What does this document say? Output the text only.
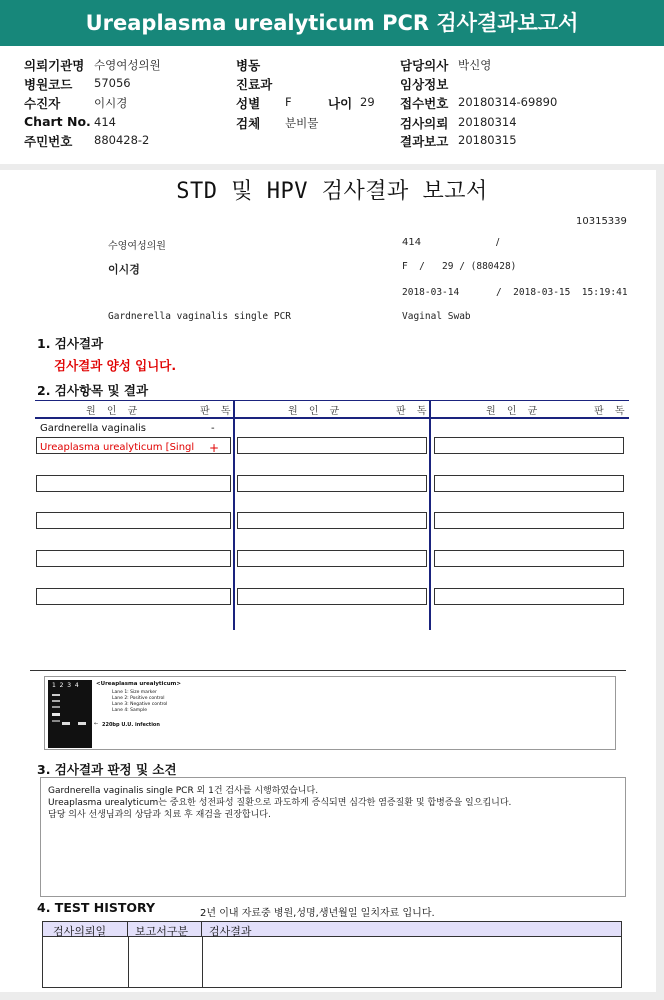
Ureaplasma urealyticum PCR 검사결과보고서
의뢰기관명 수영여성의원
병원코드 57056
수진자	이시경
Chart No. 414
주민번호 880428-2
병동
진료과
성별 F	나이 29
검체 분비물
담당의사 박신영
임상정보
접수번호 20180314-69890
검사의뢰 20180314
결과보고 20180315
STD 및 HPV 검사결과 보고서
10315339
수영여성의원	414	/
이시경	F  /   29 / (880428)
2018-03-14	/  2018-03-15  15:19:41
Gardnerella vaginalis single PCR	Vaginal Swab
1. 검사결과
검사결과 양성 입니다.
2. 검사항목 및 결과
원 인 균	판 독	원 인 균	판 독	원 인 균	판 독
Gardnerella vaginalis	-
Ureaplasma urealyticum [Singl	+
1  2  3  4	<Ureaplasma urealyticum>
Lane 1: Size marker
Lane 2: Positive control
Lane 3: Negative control
Lane 4: Sample
← 220bp U.U. infection
3. 검사결과 판정 및 소견
Gardnerella vaginalis single PCR 외 1건 검사를 시행하였습니다.
Ureaplasma urealyticum는 중요한 성전파성 질환으로 과도하게 증식되면 심각한 염증질환 및 합병증을 일으킵니다.
담당 의사 선생님과의 상담과 치료 후 재검을 권장합니다.
4. TEST HISTORY	2년 이내 자료중 병원,성명,생년월일 일치자료 입니다.
검사의뢰일	보고서구분 검사결과
